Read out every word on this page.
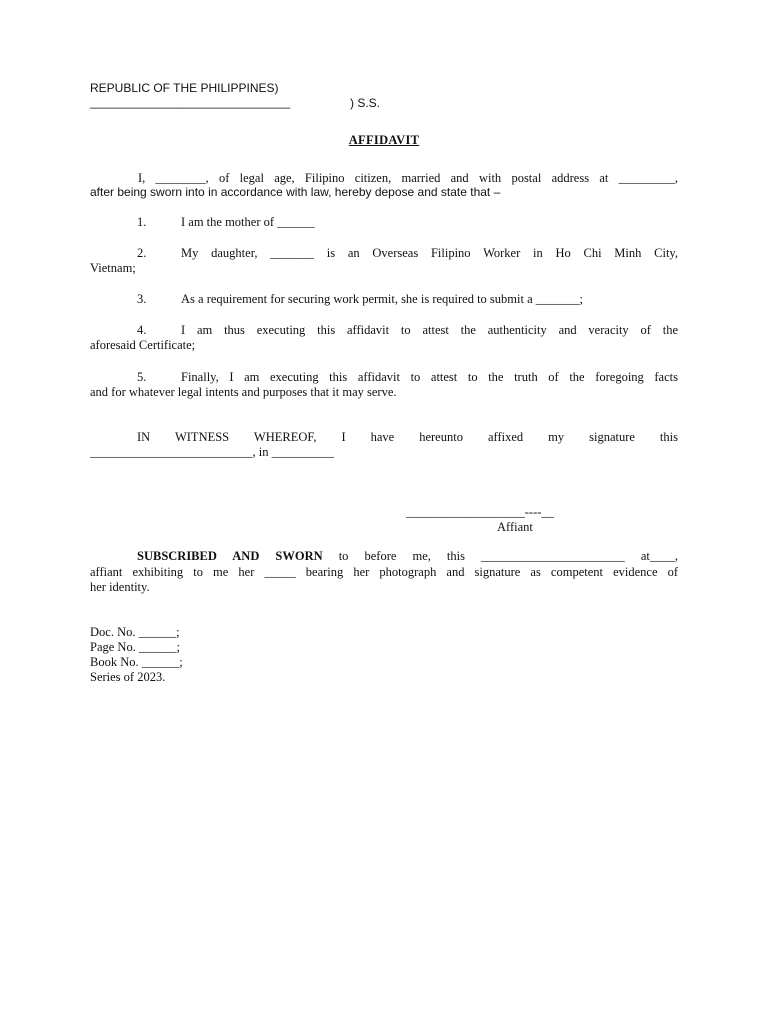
REPUBLIC OF THE PHILIPPINES)
______________________________	) S.S.
AFFIDAVIT
I, ________, of legal age, Filipino citizen, married and with postal address at _________,
after being sworn into in accordance with law, hereby depose and state that –
1.	I am the mother of ______
2.	My daughter, _______ is an Overseas Filipino Worker in Ho Chi Minh City,
Vietnam;
3.	As a requirement for securing work permit, she is required to submit a _______;
4.	I am thus executing this affidavit to attest the authenticity and veracity of the
aforesaid Certificate;
5.	Finally, I am executing this affidavit to attest to the truth of the foregoing facts
and for whatever legal intents and purposes that it may serve.
IN WITNESS WHEREOF, I have hereunto affixed my signature this
__________________________, in __________
___________________----__
Affiant
SUBSCRIBED AND SWORN to before me, this _______________________ at____,
affiant exhibiting to me her _____ bearing her photograph and signature as competent evidence of
her identity.
Doc. No. ______;
Page No. ______;
Book No. ______;
Series of 2023.
